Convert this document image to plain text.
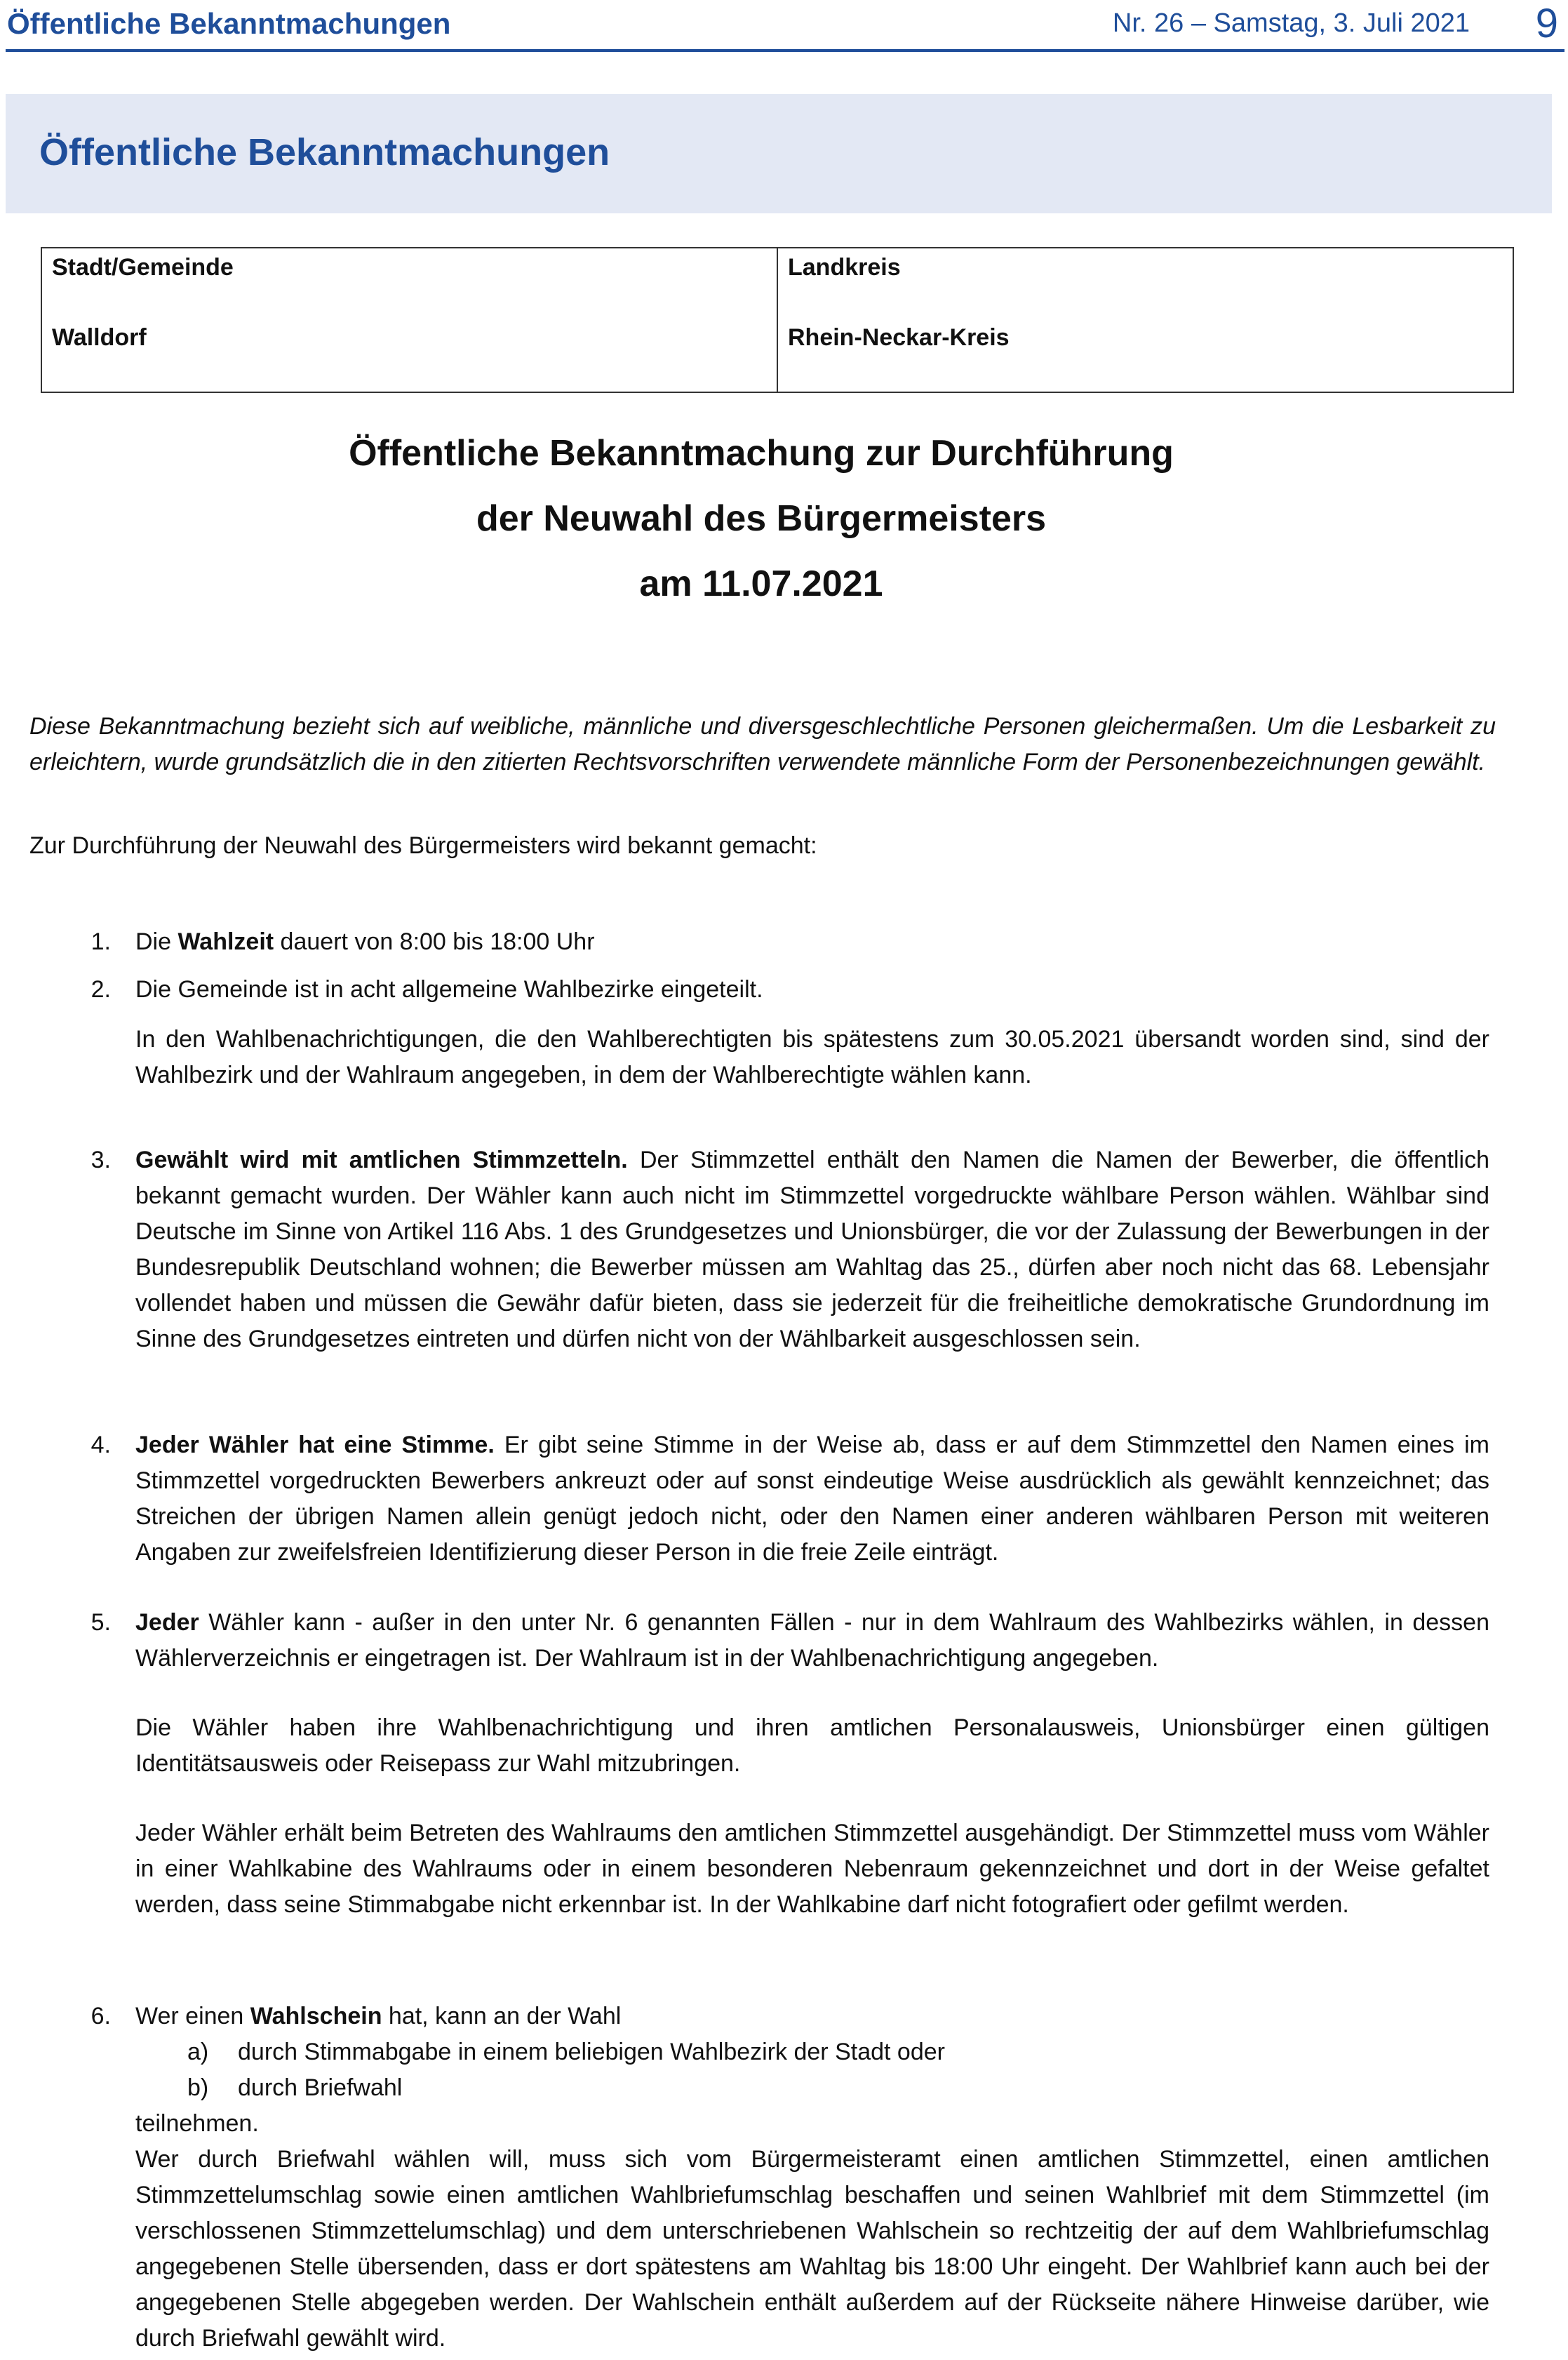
Öffentliche Bekanntmachungen	Nr. 26 – Samstag, 3. Juli 2021 9
Öffentliche Bekanntmachungen
Stadt/Gemeinde
Walldorf
Landkreis
Rhein-Neckar-Kreis
Öffentliche Bekanntmachung zur Durchführung
der Neuwahl des Bürgermeisters
am 11.07.2021
Diese Bekanntmachung bezieht sich auf weibliche, männliche und diversgeschlechtliche Personen gleichermaßen. Um die Lesbarkeit zu erleichtern, wurde grundsätzlich die in den zitierten Rechtsvorschriften verwendete männliche Form der Personenbezeichnungen gewählt.
Zur Durchführung der Neuwahl des Bürgermeisters wird bekannt gemacht:
1. Die Wahlzeit dauert von 8:00 bis 18:00 Uhr
2. Die Gemeinde ist in acht allgemeine Wahlbezirke eingeteilt.
In den Wahlbenachrichtigungen, die den Wahlberechtigten bis spätestens zum 30.05.2021 übersandt worden sind, sind der Wahlbezirk und der Wahlraum angegeben, in dem der Wahlberechtigte wählen kann.
3. Gewählt wird mit amtlichen Stimmzetteln. Der Stimmzettel enthält den Namen die Namen der Bewerber, die öffentlich bekannt gemacht wurden. Der Wähler kann auch nicht im Stimmzettel vorgedruckte wählbare Person wählen. Wählbar sind Deutsche im Sinne von Artikel 116 Abs. 1 des Grundgesetzes und Unionsbürger, die vor der Zulassung der Bewerbungen in der Bundesrepublik Deutschland wohnen; die Bewerber müssen am Wahltag das 25., dürfen aber noch nicht das 68. Lebensjahr vollendet haben und müssen die Gewähr dafür bieten, dass sie jederzeit für die freiheitliche demokratische Grundordnung im Sinne des Grundgesetzes eintreten und dürfen nicht von der Wählbarkeit ausgeschlossen sein.
4. Jeder Wähler hat eine Stimme. Er gibt seine Stimme in der Weise ab, dass er auf dem Stimmzettel den Namen eines im Stimmzettel vorgedruckten Bewerbers ankreuzt oder auf sonst eindeutige Weise ausdrücklich als gewählt kennzeichnet; das Streichen der übrigen Namen allein genügt jedoch nicht, oder den Namen einer anderen wählbaren Person mit weiteren Angaben zur zweifelsfreien Identifizierung dieser Person in die freie Zeile einträgt.
5. Jeder Wähler kann - außer in den unter Nr. 6 genannten Fällen - nur in dem Wahlraum des Wahlbezirks wählen, in dessen Wählerverzeichnis er eingetragen ist. Der Wahlraum ist in der Wahlbenachrichtigung angegeben.
Die Wähler haben ihre Wahlbenachrichtigung und ihren amtlichen Personalausweis, Unionsbürger einen gültigen Identitätsausweis oder Reisepass zur Wahl mitzubringen.
Jeder Wähler erhält beim Betreten des Wahlraums den amtlichen Stimmzettel ausgehändigt. Der Stimmzettel muss vom Wähler in einer Wahlkabine des Wahlraums oder in einem besonderen Nebenraum gekennzeichnet und dort in der Weise gefaltet werden, dass seine Stimmabgabe nicht erkennbar ist. In der Wahlkabine darf nicht fotografiert oder gefilmt werden.
6. Wer einen Wahlschein hat, kann an der Wahl
a) durch Stimmabgabe in einem beliebigen Wahlbezirk der Stadt oder
b) durch Briefwahl
teilnehmen.
Wer durch Briefwahl wählen will, muss sich vom Bürgermeisteramt einen amtlichen Stimmzettel, einen amtlichen Stimmzettelumschlag sowie einen amtlichen Wahlbriefumschlag beschaffen und seinen Wahlbrief mit dem Stimmzettel (im verschlossenen Stimmzettelumschlag) und dem unterschriebenen Wahlschein so rechtzeitig der auf dem Wahlbriefumschlag angegebenen Stelle übersenden, dass er dort spätestens am Wahltag bis 18:00 Uhr eingeht. Der Wahlbrief kann auch bei der angegebenen Stelle abgegeben werden. Der Wahlschein enthält außerdem auf der Rückseite nähere Hinweise darüber, wie durch Briefwahl gewählt wird.
